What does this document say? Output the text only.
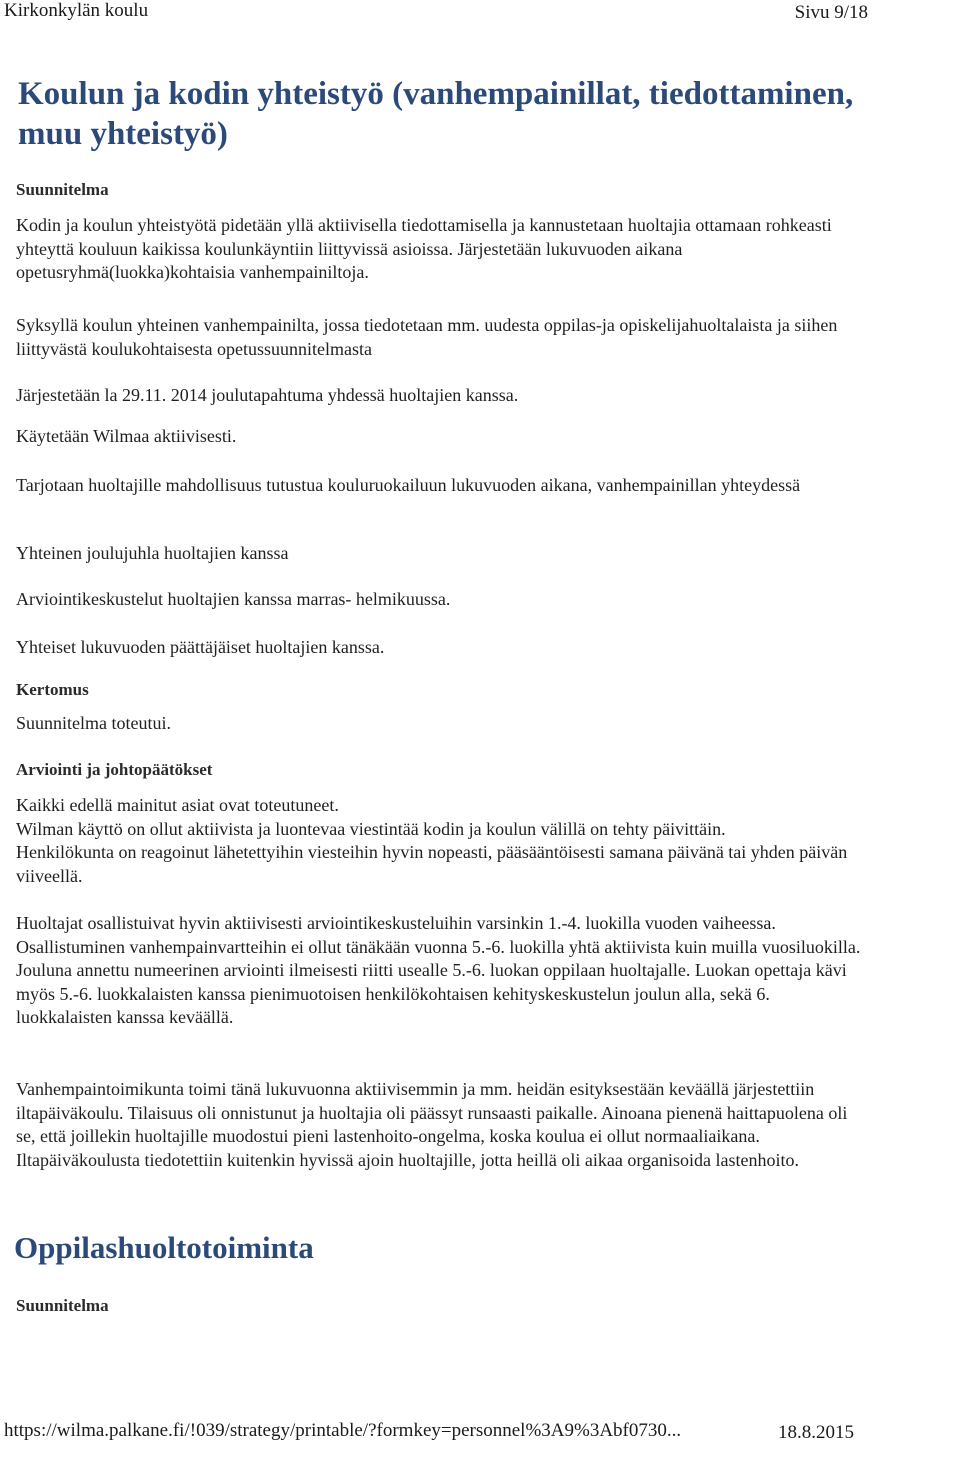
Kirkonkylän koulu	Sivu 9/18
Koulun ja kodin yhteistyö (vanhempainillat, tiedottaminen, muu yhteistyö)
Suunnitelma

Kodin ja koulun yhteistyötä pidetään yllä aktiivisella tiedottamisella ja kannustetaan huoltajia ottamaan rohkeasti yhteyttä kouluun kaikissa koulunkäyntiin liittyvissä asioissa. Järjestetään lukuvuoden aikana opetusryhmä(luokka)kohtaisia vanhempainiltoja.

Syksyllä koulun yhteinen vanhempainilta, jossa tiedotetaan mm. uudesta oppilas-ja opiskelijahuoltalaista ja siihen liittyvästä koulukohtaisesta opetussuunnitelmasta

Järjestetään la 29.11. 2014 joulutapahtuma yhdessä huoltajien kanssa.

Käytetään Wilmaa aktiivisesti.

Tarjotaan huoltajille mahdollisuus tutustua kouluruokailuun lukuvuoden aikana, vanhempainillan yhteydessä

Yhteinen joulujuhla huoltajien kanssa

Arviointikeskustelut huoltajien kanssa marras- helmikuussa.

Yhteiset lukuvuoden päättäjäiset huoltajien kanssa.

Kertomus

Suunnitelma toteutui.

Arviointi ja johtopäätökset

Kaikki edellä mainitut asiat ovat toteutuneet.

Wilman käyttö on ollut aktiivista ja luontevaa viestintää kodin ja koulun välillä on tehty päivittäin.

Henkilökunta on reagoinut lähetettyihin viesteihin hyvin nopeasti, pääsääntöisesti samana päivänä tai yhden päivän viiveellä.

Huoltajat osallistuivat hyvin aktiivisesti arviointikeskusteluihin varsinkin 1.-4. luokilla vuoden vaiheessa. Osallistuminen vanhempainvartteihin ei ollut tänäkään vuonna 5.-6. luokilla yhtä aktiivista kuin muilla vuosiluokilla. Jouluna annettu numeerinen arviointi ilmeisesti riitti usealle 5.-6. luokan oppilaan huoltajalle. Luokan opettaja kävi myös 5.-6. luokkalaisten kanssa pienimuotoisen henkilökohtaisen kehityskeskustelun joulun alla, sekä 6. luokkalaisten kanssa keväällä.

Vanhempaintoimikunta toimi tänä lukuvuonna aktiivisemmin ja mm. heidän esityksestään keväällä järjestettiin iltapäiväkoulu. Tilaisuus oli onnistunut ja huoltajia oli päässyt runsaasti paikalle. Ainoana pienenä haittapuolena oli se, että joillekin huoltajille muodostui pieni lastenhoito-ongelma, koska koulua ei ollut normaaliaikana. Iltapäiväkoulusta tiedotettiin kuitenkin hyvissä ajoin huoltajille, jotta heillä oli aikaa organisoida lastenhoito.

Oppilashuoltotoiminta
Suunnitelma
https://wilma.palkane.fi/!039/strategy/printable/?formkey=personnel%3A9%3Abf0730...	18.8.2015
